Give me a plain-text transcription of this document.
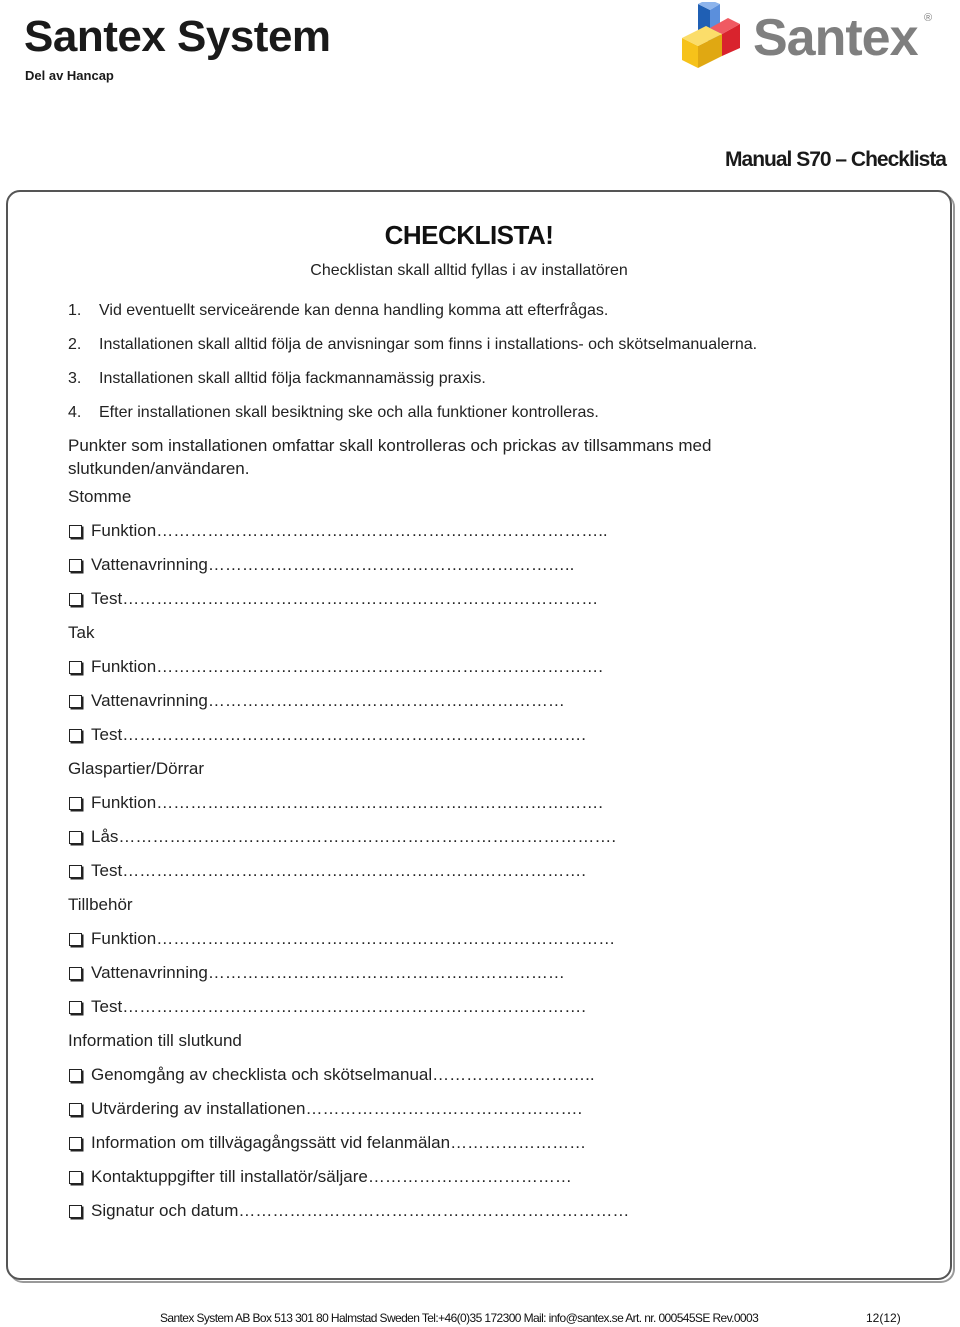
Santex System
Del av Hancap
Santex ®
Manual S70 – Checklista
CHECKLISTA!
Checklistan skall alltid fyllas i av installatören
1. Vid eventuellt serviceärende kan denna handling komma att efterfrågas.
2. Installationen skall alltid följa de anvisningar som finns i installations- och skötselmanualerna.
3. Installationen skall alltid följa fackmannamässig praxis.
4. Efter installationen skall besiktning ske och alla funktioner kontrolleras.

Punkter som installationen omfattar skall kontrolleras och prickas av tillsammans med slutkunden/användaren.

Stomme
Funktion ……………………………………………………………………..
Vattenavrinning ………………………………………………………..
Test …………………………………………………………………………
Tak
Funktion …………………………………………………………………….
Vattenavrinning ………………………………………………………
Test ……………………………………………………………………….
Glaspartier/Dörrar
Funktion …………………………………………………………………….
Lås …………………………………………………………………………….
Test ……………………………………………………………………….
Tillbehör
Funktion ………………………………………………………………………
Vattenavrinning ………………………………………………………
Test ……………………………………………………………………….
Information till slutkund
Genomgång av checklista och skötselmanual ………………………..
Utvärdering av installationen ………………………………………….
Information om tillvägagångssätt vid felanmälan ……………………
Kontaktuppgifter till installatör/säljare ………………………………
Signatur och datum ……………………………………………………………
Santex System AB Box 513 301 80 Halmstad Sweden Tel:+46(0)35 172300 Mail: info@santex.se Art. nr. 000545SE Rev.0003	12(12)
